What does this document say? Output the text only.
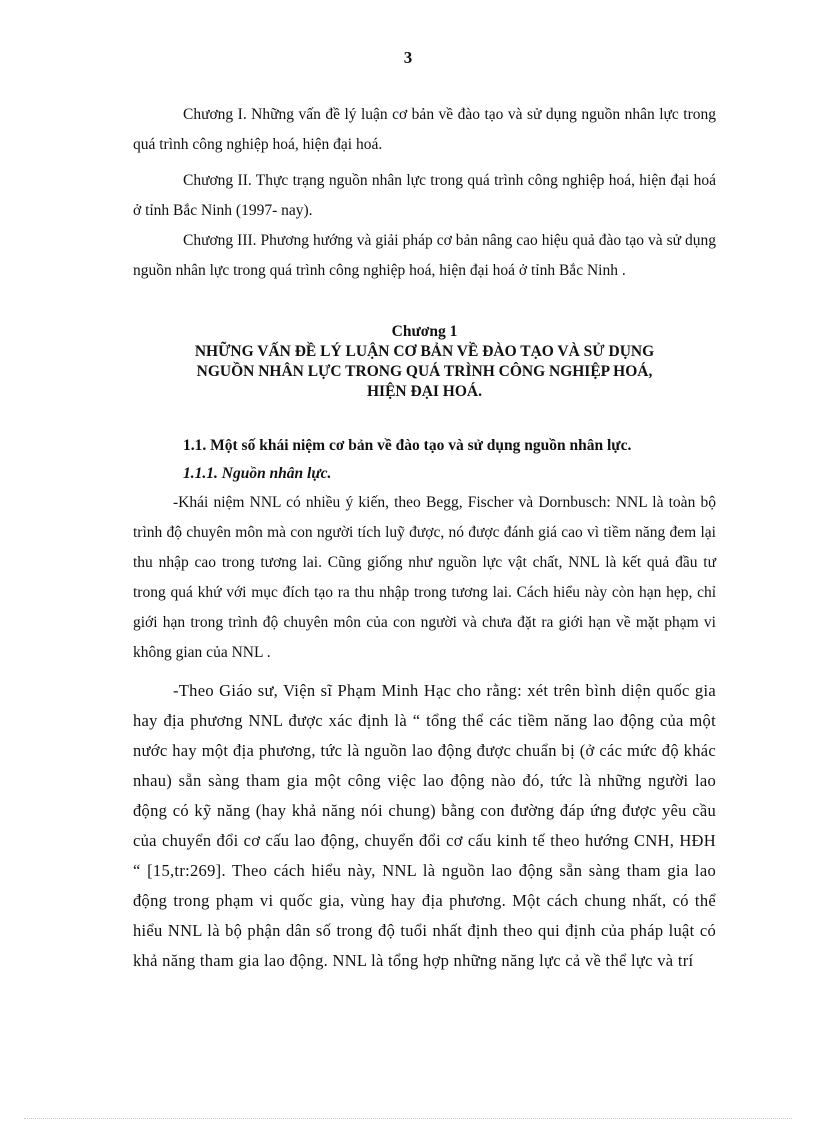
3

Chương I. Những vấn đề lý luận cơ bản về đào tạo và sử dụng nguồn nhân lực trong quá trình công nghiệp hoá, hiện đại hoá.

Chương II. Thực trạng nguồn nhân lực trong quá trình công nghiệp hoá, hiện đại hoá ở tỉnh Bắc Ninh (1997- nay).

Chương III. Phương hướng và giải pháp cơ bản nâng cao hiệu quả đào tạo và sử dụng nguồn nhân lực trong quá trình công nghiệp hoá, hiện đại hoá ở tỉnh Bắc Ninh .

Chương 1
NHỮNG VẤN ĐỀ LÝ LUẬN CƠ BẢN VỀ ĐÀO TẠO VÀ SỬ DỤNG
NGUỒN NHÂN LỰC TRONG QUÁ TRÌNH CÔNG NGHIỆP HOÁ,
HIỆN ĐẠI HOÁ.

1.1. Một số khái niệm cơ bản về đào tạo và sử dụng nguồn nhân lực.

1.1.1. Nguồn nhân lực.

-Khái niệm NNL có nhiều ý kiến, theo Begg, Fischer và Dornbusch: NNL là toàn bộ trình độ chuyên môn mà con người tích luỹ được, nó được đánh giá cao vì tiềm năng đem lại thu nhập cao trong tương lai. Cũng giống như nguồn lực vật chất, NNL là kết quả đầu tư trong quá khứ với mục đích tạo ra thu nhập trong tương lai. Cách hiểu này còn hạn hẹp, chỉ giới hạn trong trình độ chuyên môn của con người và chưa đặt ra giới hạn về mặt phạm vi không gian của NNL .

-Theo Giáo sư, Viện sĩ Phạm Minh Hạc cho rằng: xét trên bình diện quốc gia hay địa phương NNL được xác định là “ tổng thể các tiềm năng lao động của một nước hay một địa phương, tức là nguồn lao động được chuẩn bị (ở các mức độ khác nhau) sẵn sàng tham gia một công việc lao động nào đó, tức là những người lao động có kỹ năng (hay khả năng nói chung) bằng con đường đáp ứng được yêu cầu của chuyển đổi cơ cấu lao động, chuyển đổi cơ cấu kinh tế theo hướng CNH, HĐH “ [15,tr:269]. Theo cách hiểu này, NNL là nguồn lao động sẵn sàng tham gia lao động trong phạm vi quốc gia, vùng hay địa phương. Một cách chung nhất, có thể hiểu NNL là bộ phận dân số trong độ tuổi nhất định theo qui định của pháp luật có khả năng tham gia lao động. NNL là tổng hợp những năng lực cả về thể lực và trí
